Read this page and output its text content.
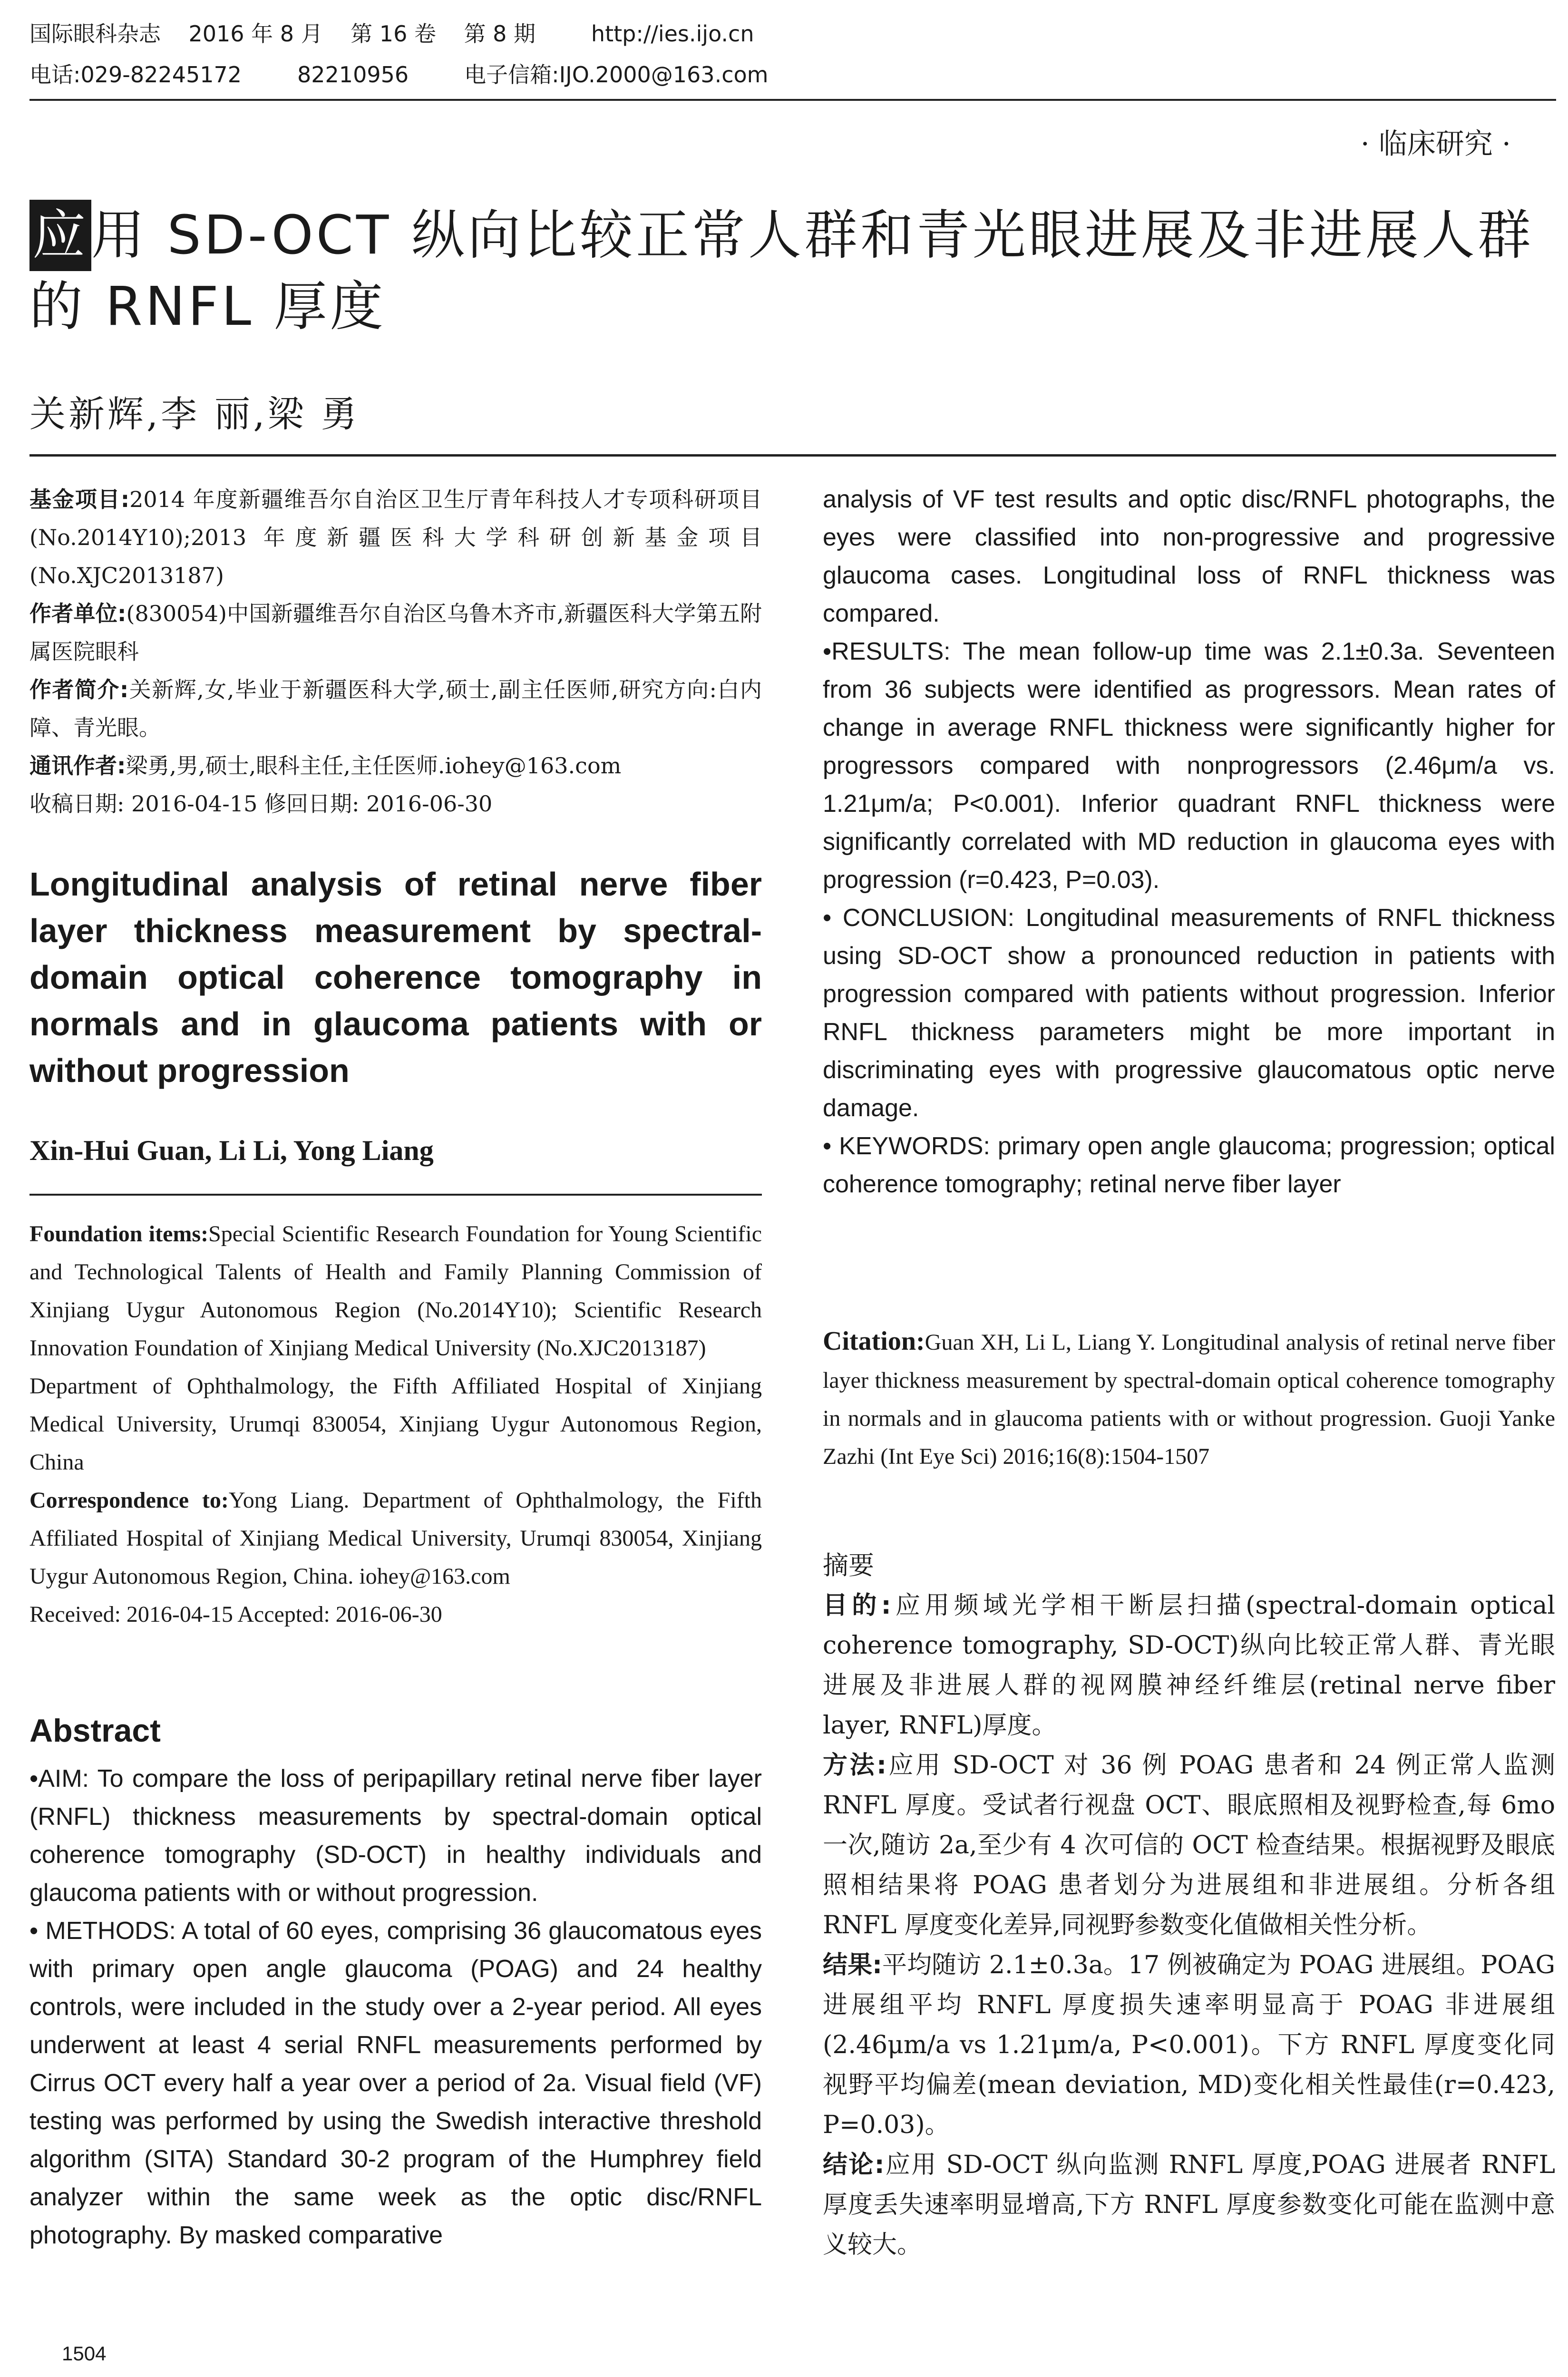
国际眼科杂志    2016 年 8 月    第 16 卷    第 8 期        http://ies.ijo.cn
电话:029-82245172        82210956        电子信箱:IJO.2000@163.com
· 临床研究 ·
应用 SD-OCT 纵向比较正常人群和青光眼进展及非进展人群的 RNFL 厚度
关新辉,李 丽,梁 勇
基金项目:2014 年度新疆维吾尔自治区卫生厅青年科技人才专项科研项目(No.2014Y10);2013 年度新疆医科大学科研创新基金项目(No.XJC2013187)
作者单位:(830054)中国新疆维吾尔自治区乌鲁木齐市,新疆医科大学第五附属医院眼科
作者简介:关新辉,女,毕业于新疆医科大学,硕士,副主任医师,研究方向:白内障、青光眼。
通讯作者:梁勇,男,硕士,眼科主任,主任医师.iohey@163.com
收稿日期: 2016-04-15 修回日期: 2016-06-30
Longitudinal analysis of retinal nerve fiber layer thickness measurement by spectral-domain optical coherence tomography in normals and in glaucoma patients with or without progression
Xin-Hui Guan, Li Li, Yong Liang
Foundation items:Special Scientific Research Foundation for Young Scientific and Technological Talents of Health and Family Planning Commission of Xinjiang Uygur Autonomous Region (No.2014Y10); Scientific Research Innovation Foundation of Xinjiang Medical University (No.XJC2013187)
Department of Ophthalmology, the Fifth Affiliated Hospital of Xinjiang Medical University, Urumqi 830054, Xinjiang Uygur Autonomous Region, China
Correspondence to:Yong Liang. Department of Ophthalmology, the Fifth Affiliated Hospital of Xinjiang Medical University, Urumqi 830054, Xinjiang Uygur Autonomous Region, China. iohey@163.com
Received: 2016-04-15 Accepted: 2016-06-30
Abstract

•AIM: To compare the loss of peripapillary retinal nerve fiber layer (RNFL) thickness measurements by spectral-domain optical coherence tomography (SD-OCT) in healthy individuals and glaucoma patients with or without progression.

• METHODS: A total of 60 eyes, comprising 36 glaucomatous eyes with primary open angle glaucoma (POAG) and 24 healthy controls, were included in the study over a 2-year period. All eyes underwent at least 4 serial RNFL measurements performed by Cirrus OCT every half a year over a period of 2a. Visual field (VF) testing was performed by using the Swedish interactive threshold algorithm (SITA) Standard 30-2 program of the Humphrey field analyzer within the same week as the optic disc/RNFL photography. By masked comparative

analysis of VF test results and optic disc/RNFL photographs, the eyes were classified into non-progressive and progressive glaucoma cases. Longitudinal loss of RNFL thickness was compared.

•RESULTS: The mean follow-up time was 2.1±0.3a. Seventeen from 36 subjects were identified as progressors. Mean rates of change in average RNFL thickness were significantly higher for progressors compared with nonprogressors (2.46μm/a vs. 1.21μm/a; P<0.001). Inferior quadrant RNFL thickness were significantly correlated with MD reduction in glaucoma eyes with progression (r=0.423, P=0.03).

• CONCLUSION: Longitudinal measurements of RNFL thickness using SD-OCT show a pronounced reduction in patients with progression compared with patients without progression. Inferior RNFL thickness parameters might be more important in discriminating eyes with progressive glaucomatous optic nerve damage.

• KEYWORDS: primary open angle glaucoma; progression; optical coherence tomography; retinal nerve fiber layer

Citation:Guan XH, Li L, Liang Y. Longitudinal analysis of retinal nerve fiber layer thickness measurement by spectral-domain optical coherence tomography in normals and in glaucoma patients with or without progression. Guoji Yanke Zazhi (Int Eye Sci) 2016;16(8):1504-1507

摘要

目的:应用频域光学相干断层扫描(spectral-domain optical coherence tomography, SD-OCT)纵向比较正常人群、青光眼进展及非进展人群的视网膜神经纤维层(retinal nerve fiber layer, RNFL)厚度。

方法:应用 SD-OCT 对 36 例 POAG 患者和 24 例正常人监测 RNFL 厚度。受试者行视盘 OCT、眼底照相及视野检查,每 6mo 一次,随访 2a,至少有 4 次可信的 OCT 检查结果。根据视野及眼底照相结果将 POAG 患者划分为进展组和非进展组。分析各组 RNFL 厚度变化差异,同视野参数变化值做相关性分析。

结果:平均随访 2.1±0.3a。17 例被确定为 POAG 进展组。POAG 进展组平均 RNFL 厚度损失速率明显高于 POAG 非进展组(2.46μm/a vs 1.21μm/a, P<0.001)。下方 RNFL 厚度变化同视野平均偏差(mean deviation, MD)变化相关性最佳(r=0.423, P=0.03)。

结论:应用 SD-OCT 纵向监测 RNFL 厚度,POAG 进展者 RNFL 厚度丢失速率明显增高,下方 RNFL 厚度参数变化可能在监测中意义较大。

1504
